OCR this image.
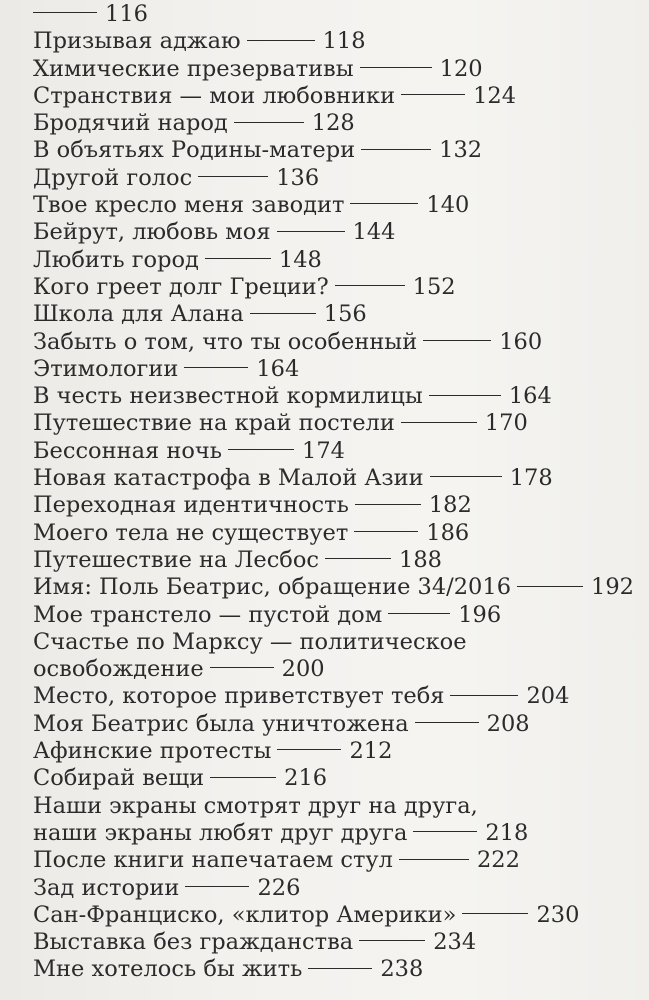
116
Призывая аджаю	118
Химические презервативы	120
Странствия — мои любовники	124
Бродячий народ	128
В объятьях Родины-матери	132
Другой голос	136
Твое кресло меня заводит	140
Бейрут, любовь моя	144
Любить город	148
Кого греет долг Греции?	152
Школа для Алана	156
Забыть о том, что ты особенный	160
Этимологии	164
В честь неизвестной кормилицы	164
Путешествие на край постели	170
Бессонная ночь	174
Новая катастрофа в Малой Азии	178
Переходная идентичность	182
Моего тела не существует	186
Путешествие на Лесбос	188
Имя: Поль Беатрис, обращение 34/2016	192
Мое транстело — пустой дом	196
Счастье по Марксу — политическое
освобождение	200
Место, которое приветствует тебя	204
Моя Беатрис была уничтожена	208
Афинские протесты	212
Собирай вещи	216
Наши экраны смотрят друг на друга,
наши экраны любят друг друга	218
После книги напечатаем стул	222
Зад истории	226
Сан-Франциско, «клитор Америки»	230
Выставка без гражданства	234
Мне хотелось бы жить	238
